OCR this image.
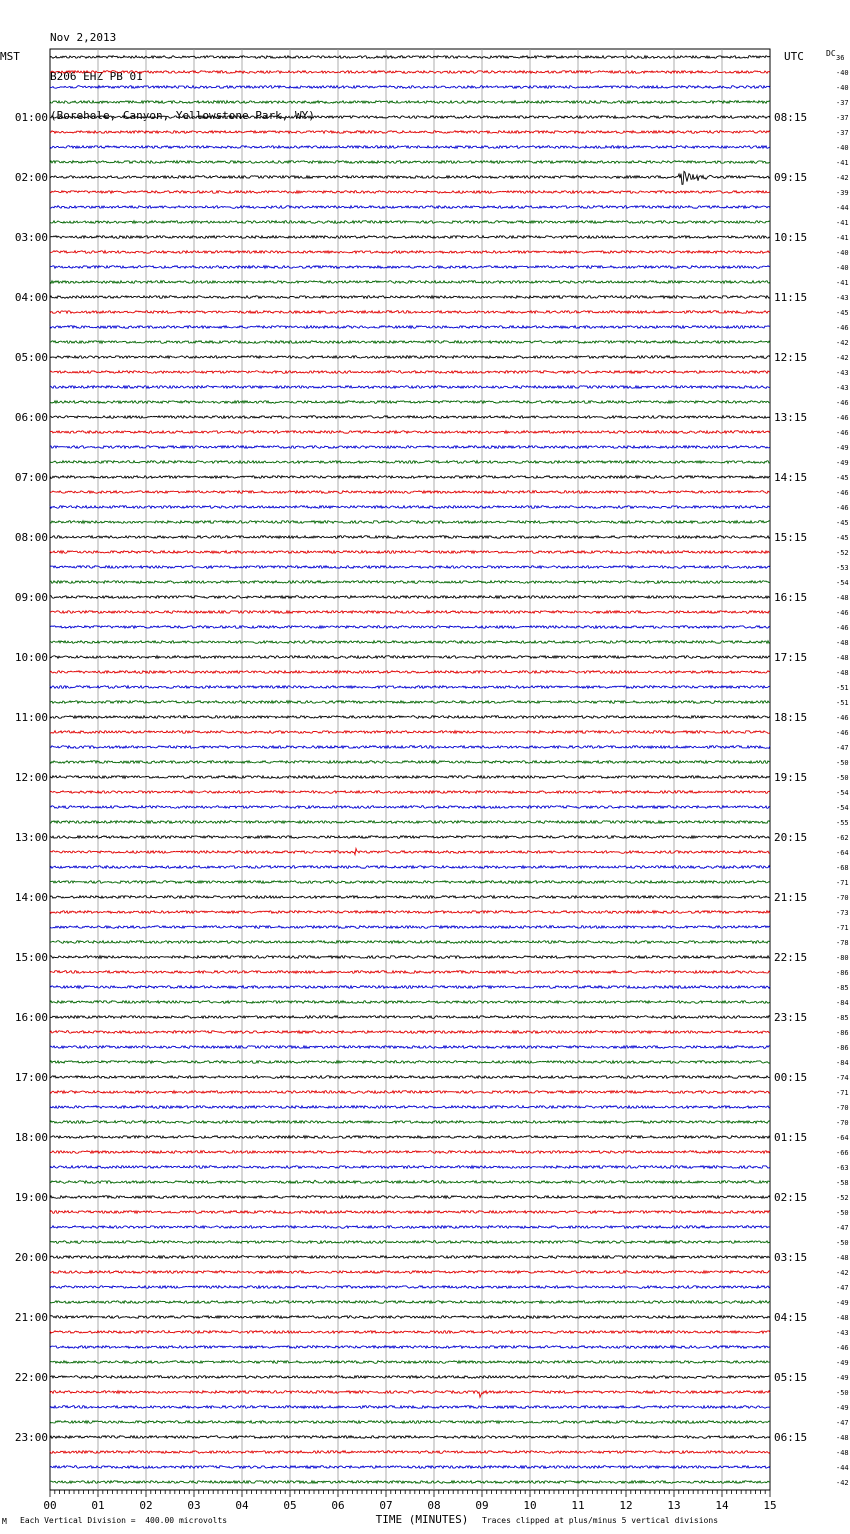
Nov 2,2013

B206 EHZ PB 01

(Borehole, Canyon, Yellowstone Park, WY)

MST	UTC	DC 36
-40
-40
-37
-37
01:00	08:15
-37
-40
-41
-42
02:00	09:15
-39
-44
-41
-41
03:00	10:15
-40
-40
-41
-43
04:00	11:15
-45
-46
-42
-42
05:00	12:15
-43
-43
-46
-46
06:00	13:15
-46
-49
-49
-45
07:00	14:15
-46
-46
-45
-45
08:00	15:15
-52
-53
-54
-48
09:00	16:15
-46
-46
-48
-48
10:00	17:15
-48
-51
-51
-46
11:00	18:15
-46
-47
-50
-50
12:00	19:15
-54
-54
-55
-62
13:00	20:15
-64
-68
-71
-70
14:00	21:15
-73
-71
-78
-80
15:00	22:15
-86
-85
-84
-85
16:00	23:15
-86
-86
-84
-74
17:00	00:15
-71
-70
-70
-64
18:00	01:15
-66
-63
-58
-52
19:00	02:15
-50
-47
-50
-48
20:00	03:15
-42
-47
-49
-48
21:00	04:15
-43
-46
-49
-49
22:00	05:15
-50
-49
-47
-48
23:00	06:15
-48
-44
-42
00	01	02	03	04	05	06	07	08	09	10	11	12	13	14	15
TIME (MINUTES)
M Each Vertical Division =  400.00 microvolts	Traces clipped at plus/minus 5 vertical divisions
